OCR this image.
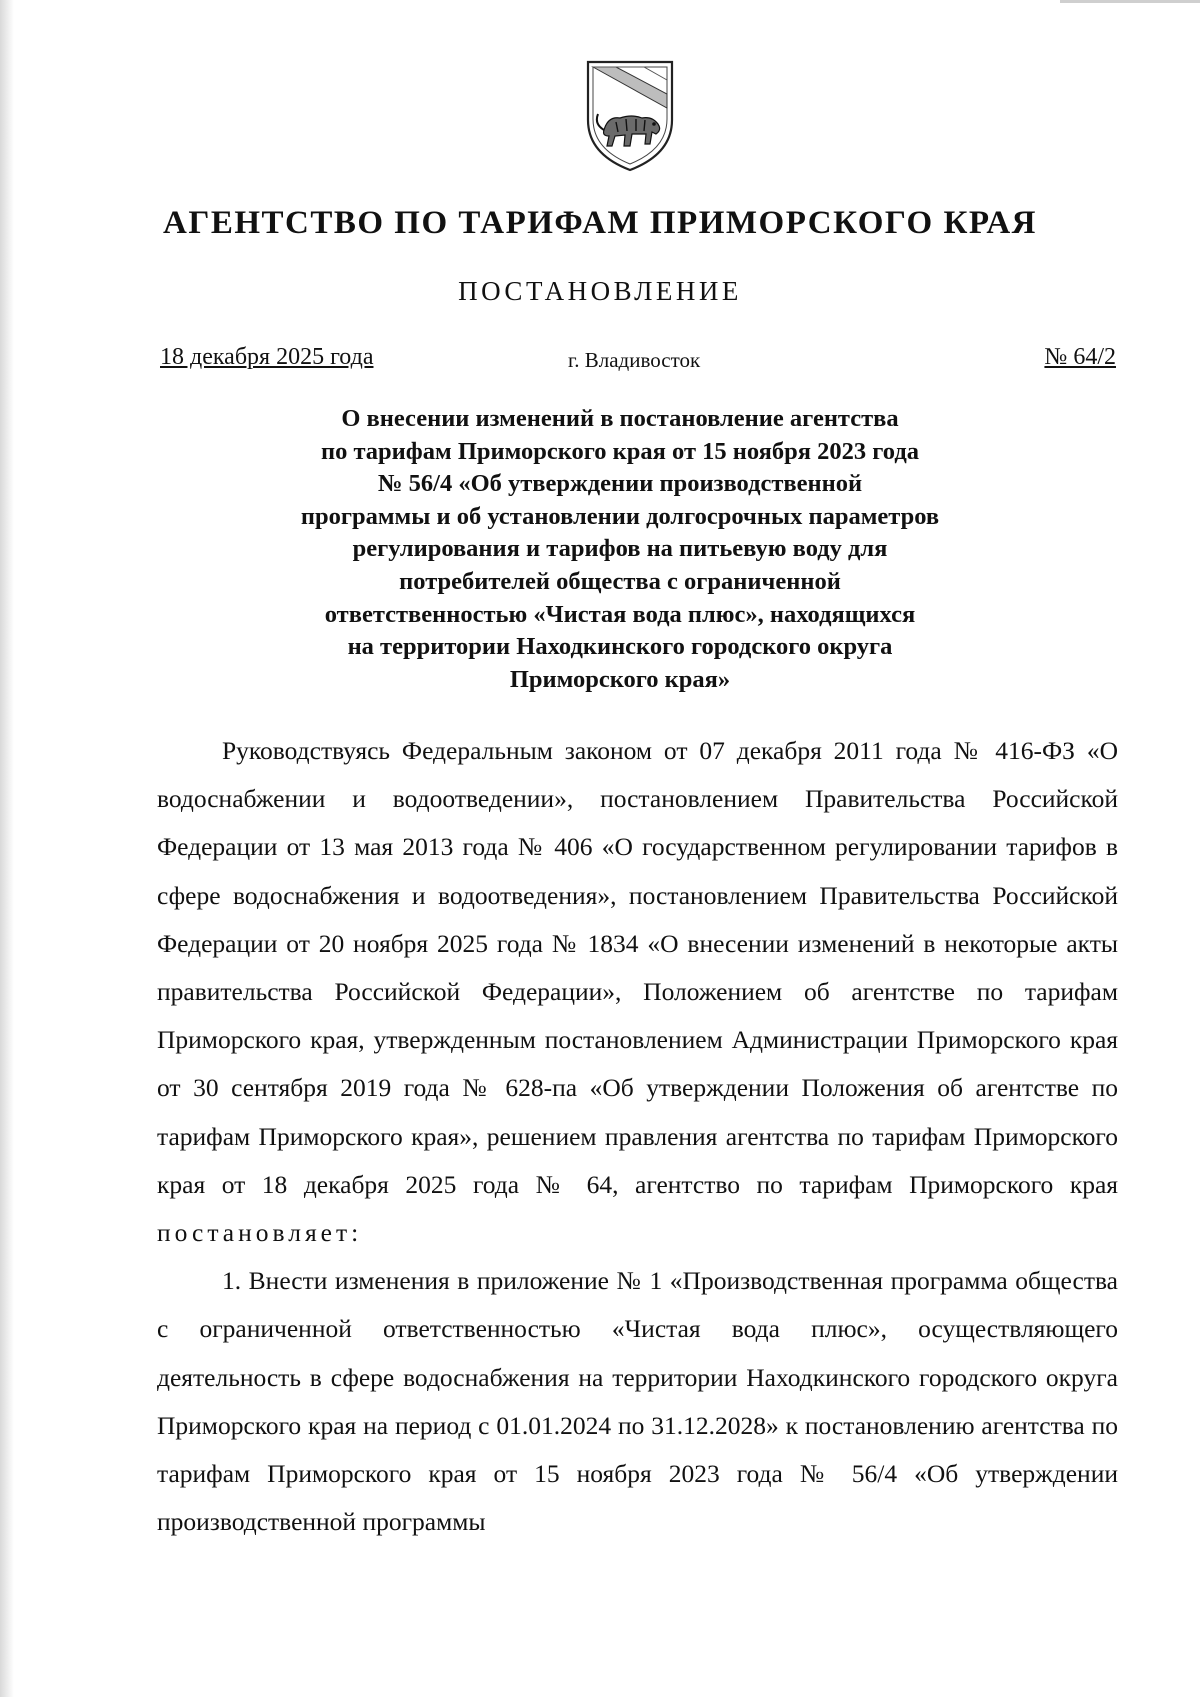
АГЕНТСТВО ПО ТАРИФАМ ПРИМОРСКОГО КРАЯ
ПОСТАНОВЛЕНИЕ
18 декабря 2025 года	г. Владивосток	№ 64/2
О внесении изменений в постановление агентства
по тарифам Приморского края от 15 ноября 2023 года
№ 56/4 «Об утверждении производственной
программы и об установлении долгосрочных параметров
регулирования и тарифов на питьевую воду для
потребителей общества с ограниченной
ответственностью «Чистая вода плюс», находящихся
на территории Находкинского городского округа
Приморского края»

Руководствуясь Федеральным законом от 07 декабря 2011 года № 416-ФЗ «О водоснабжении и водоотведении», постановлением Правительства Российской Федерации от 13 мая 2013 года № 406 «О государственном регулировании тарифов в сфере водоснабжения и водоотведения», постановлением Правительства Российской Федерации от 20 ноября 2025 года № 1834 «О внесении изменений в некоторые акты правительства Российской Федерации», Положением об агентстве по тарифам Приморского края, утвержденным постановлением Администрации Приморского края от 30 сентября 2019 года № 628-па «Об утверждении Положения об агентстве по тарифам Приморского края», решением правления агентства по тарифам Приморского края от 18 декабря 2025 года № 64, агентство по тарифам Приморского края постановляет:

1. Внести изменения в приложение № 1 «Производственная программа общества с ограниченной ответственностью «Чистая вода плюс», осуществляющего деятельность в сфере водоснабжения на территории Находкинского городского округа Приморского края на период с 01.01.2024 по 31.12.2028» к постановлению агентства по тарифам Приморского края от 15 ноября 2023 года № 56/4 «Об утверждении производственной программы
